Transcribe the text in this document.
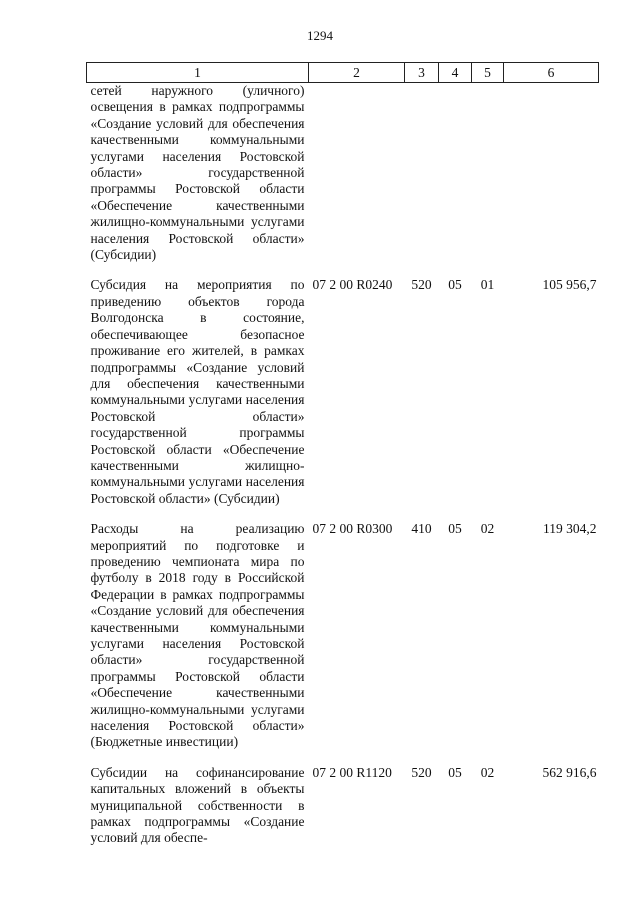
1294
1	2	3	4	5	6
сетей наружного (уличного) освещения в рамках подпрограммы «Создание условий для обеспечения качественными коммунальными услугами населения Ростовской области» государственной программы Ростовской области «Обеспечение качественными жилищно-коммунальными услугами населения Ростовской области» (Субсидии)					
Субсидия на мероприятия по приведению объектов города Волгодонска в состояние, обеспечивающее безопасное проживание его жителей, в рамках подпрограммы «Создание условий для обеспечения качественными коммунальными услугами населения Ростовской области» государственной программы Ростовской области «Обеспечение качественными жилищно-коммунальными услугами населения Ростовской области» (Субсидии)	07 2 00 R0240	520	05	01	105 956,7
Расходы на реализацию мероприятий по подготовке и проведению чемпионата мира по футболу в 2018 году в Российской Федерации в рамках подпрограммы «Создание условий для обеспечения качественными коммунальными услугами населения Ростовской области» государственной программы Ростовской области «Обеспечение качественными жилищно-коммунальными услугами населения Ростовской области» (Бюджетные инвестиции)	07 2 00 R0300	410	05	02	119 304,2
Субсидии на софинансирование капитальных вложений в объекты муниципальной собственности в рамках подпрограммы «Создание условий для обеспе-	07 2 00 R1120	520	05	02	562 916,6
